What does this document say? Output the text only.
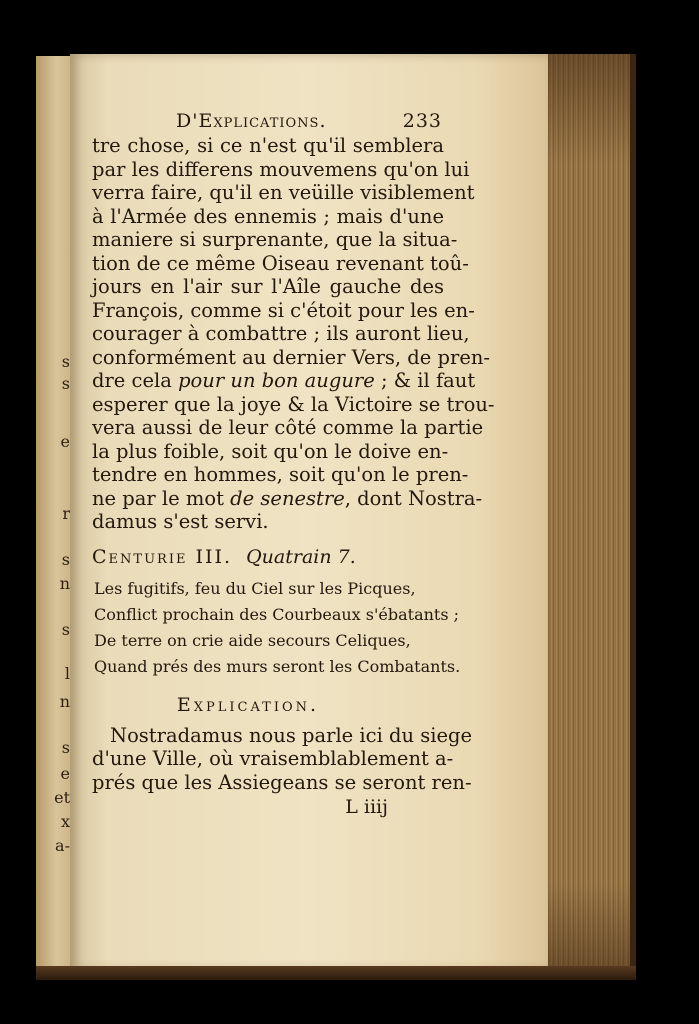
s
s
e
r
s
n
s
l
n
s
e
et
x
a-
D'Explications.	233
tre chose, si ce n'est qu'il semblera
par les differens mouvemens qu'on lui
verra faire, qu'il en veüille visiblement
à l'Armée des ennemis ; mais d'une
maniere si surprenante, que la situa-
tion de ce même Oiseau revenant toû-
jours en l'air sur l'Aîle gauche des
François, comme si c'étoit pour les en-
courager à combattre ; ils auront lieu,
conformément au dernier Vers, de pren-
dre cela pour un bon augure ; & il faut
esperer que la joye & la Victoire se trou-
vera aussi de leur côté comme la partie
la plus foible, soit qu'on le doive en-
tendre en hommes, soit qu'on le pren-
ne par le mot de senestre, dont Nostra-
damus s'est servi.
Centurie III. Quatrain 7.
Les fugitifs, feu du Ciel sur les Picques,
Conflict prochain des Courbeaux s'ébatants ;
De terre on crie aide secours Celiques,
Quand prés des murs seront les Combatants.
Explication.
Nostradamus nous parle ici du siege
d'une Ville, où vraisemblablement a-
prés que les Assiegeans se seront ren-
L iiij
